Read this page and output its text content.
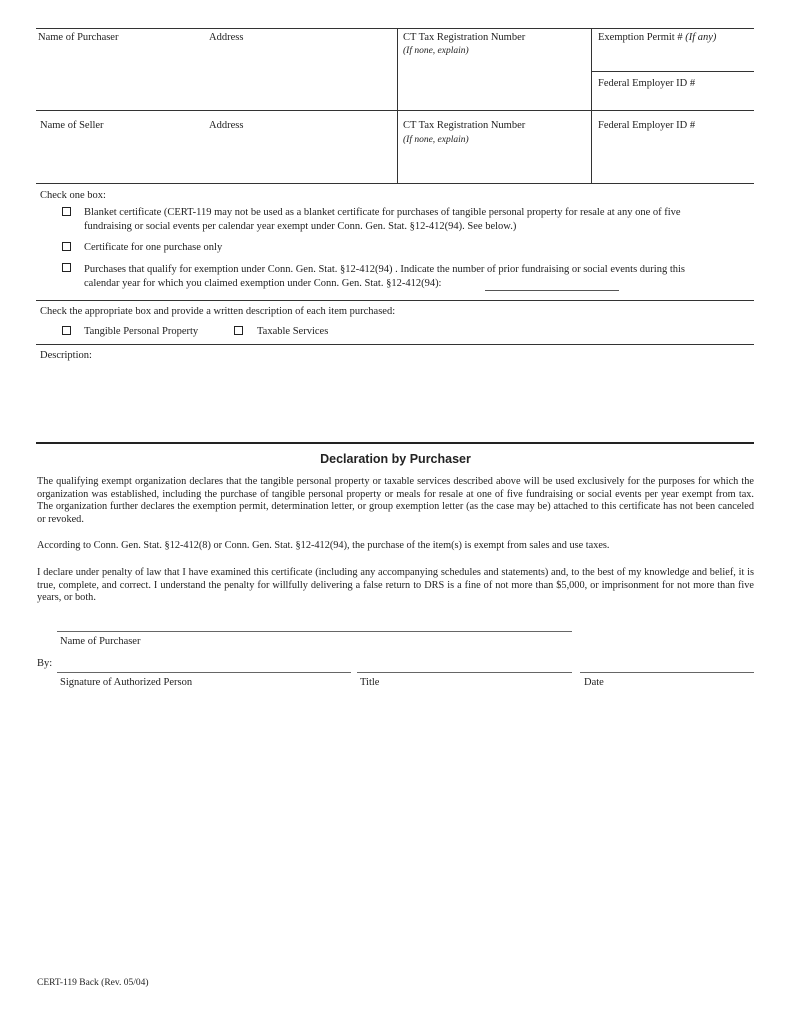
Name of Purchaser	Address	CT Tax Registration Number
(If none, explain)
Exemption Permit # (If any)
Federal Employer ID #
Name of Seller	Address	CT Tax Registration Number
(If none, explain)
Federal Employer ID #
Check one box:
Blanket certificate (CERT-119 may not be used as a blanket certificate for purchases of tangible personal property for resale at any one of five
fundraising or social events per calendar year exempt under Conn. Gen. Stat. §12-412(94). See below.)
Certificate for one purchase only
Purchases that qualify for exemption under Conn. Gen. Stat. §12-412(94) . Indicate the number of prior fundraising or social events during this
calendar year for which you claimed exemption under Conn. Gen. Stat. §12-412(94):
Check the appropriate box and provide a written description of each item purchased:
Tangible Personal Property	Taxable Services
Description:
Declaration by Purchaser
The qualifying exempt organization declares that the tangible personal property or taxable services described above will be used exclusively for the purposes for which the organization was established, including the purchase of tangible personal property or meals for resale at one of five fundraising or social events per year exempt from tax. The organization further declares the exemption permit, determination letter, or group exemption letter (as the case may be) attached to this certificate has not been canceled or revoked.
According to Conn. Gen. Stat. §12-412(8) or Conn. Gen. Stat. §12-412(94), the purchase of the item(s) is exempt from sales and use taxes.
I declare under penalty of law that I have examined this certificate (including any accompanying schedules and statements) and, to the best of my knowledge and belief, it is true, complete, and correct. I understand the penalty for willfully delivering a false return to DRS is a fine of not more than $5,000, or imprisonment for not more than five years, or both.
Name of Purchaser
By:
Signature of Authorized Person	Title	Date
CERT-119 Back (Rev. 05/04)
